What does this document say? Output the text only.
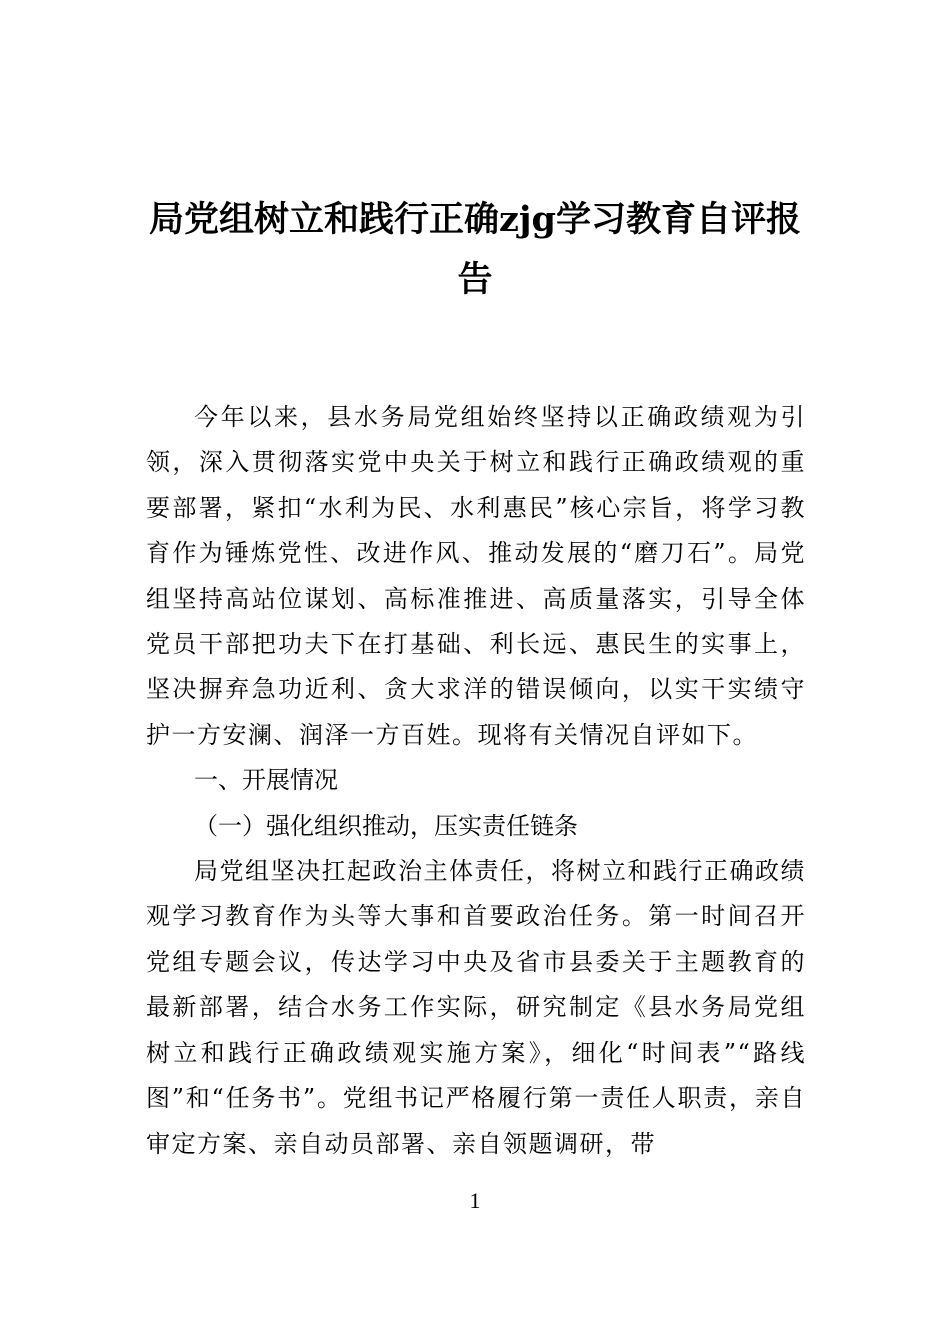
局党组树立和践行正确zjg学习教育自评报告

今年以来，县水务局党组始终坚持以正确政绩观为引领，深入贯彻落实党中央关于树立和践行正确政绩观的重要部署，紧扣“水利为民、水利惠民”核心宗旨，将学习教育作为锤炼党性、改进作风、推动发展的“磨刀石”。局党组坚持高站位谋划、高标准推进、高质量落实，引导全体党员干部把功夫下在打基础、利长远、惠民生的实事上，坚决摒弃急功近利、贪大求洋的错误倾向，以实干实绩守护一方安澜、润泽一方百姓。现将有关情况自评如下。

一、开展情况

（一）强化组织推动，压实责任链条

局党组坚决扛起政治主体责任，将树立和践行正确政绩观学习教育作为头等大事和首要政治任务。第一时间召开党组专题会议，传达学习中央及省市县委关于主题教育的最新部署，结合水务工作实际，研究制定《县水务局党组树立和践行正确政绩观实施方案》，细化“时间表”“路线图”和“任务书”。党组书记严格履行第一责任人职责，亲自审定方案、亲自动员部署、亲自领题调研，带

1
